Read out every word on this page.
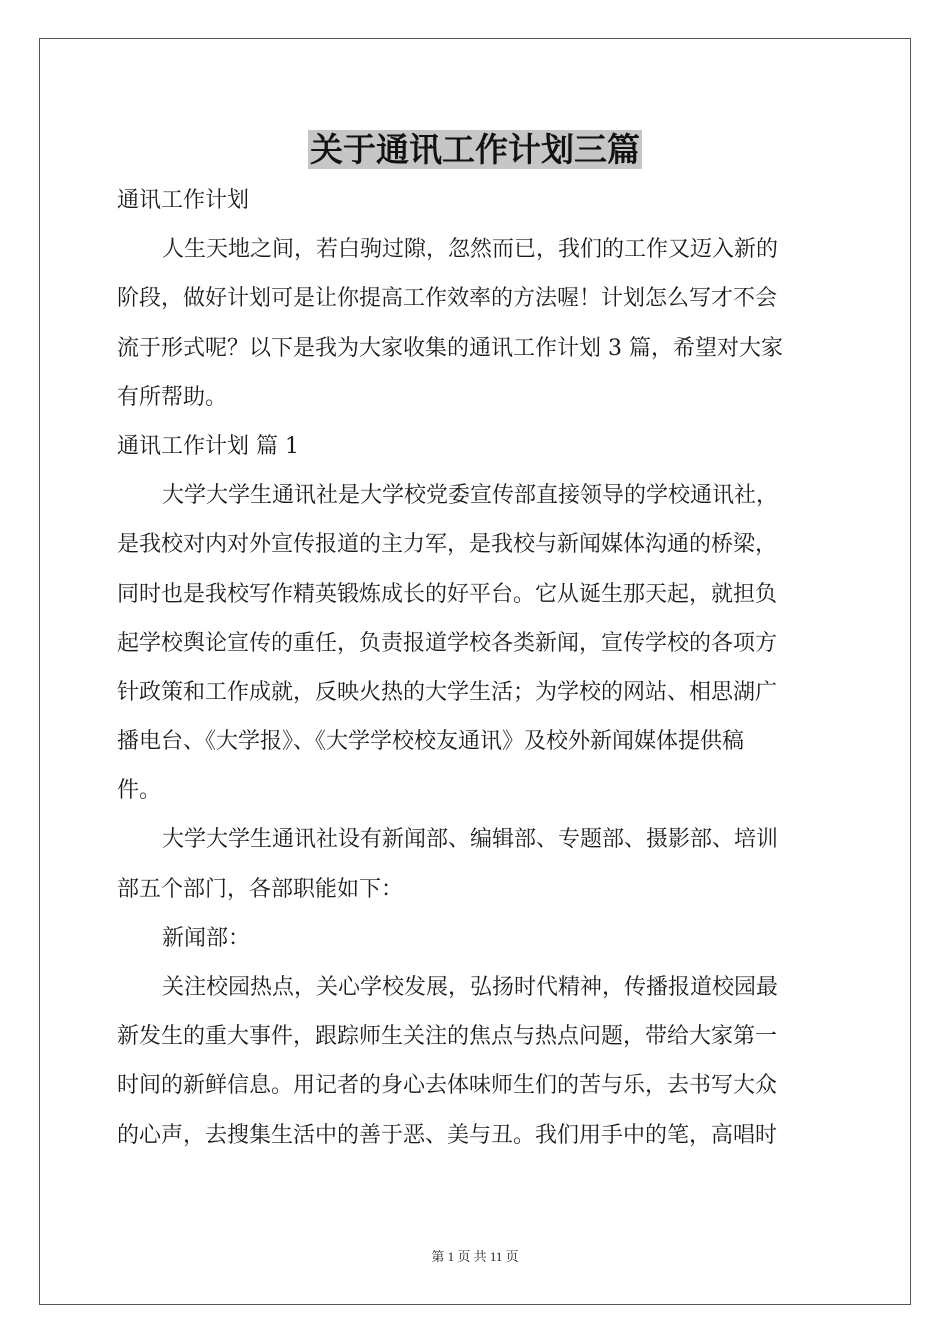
关于通讯工作计划三篇
通讯工作计划
人生天地之间，若白驹过隙，忽然而已，我们的工作又迈入新的
阶段，做好计划可是让你提高工作效率的方法喔！计划怎么写才不会
流于形式呢？以下是我为大家收集的通讯工作计划 3 篇，希望对大家
有所帮助。
通讯工作计划 篇 1
大学大学生通讯社是大学校党委宣传部直接领导的学校通讯社，
是我校对内对外宣传报道的主力军，是我校与新闻媒体沟通的桥梁，
同时也是我校写作精英锻炼成长的好平台。它从诞生那天起，就担负
起学校舆论宣传的重任，负责报道学校各类新闻，宣传学校的各项方
针政策和工作成就，反映火热的大学生活；为学校的网站、相思湖广
播电台、《大学报》、《大学学校校友通讯》及校外新闻媒体提供稿
件。
大学大学生通讯社设有新闻部、编辑部、专题部、摄影部、培训
部五个部门，各部职能如下：
新闻部：
关注校园热点，关心学校发展，弘扬时代精神，传播报道校园最
新发生的重大事件，跟踪师生关注的焦点与热点问题，带给大家第一
时间的新鲜信息。用记者的身心去体味师生们的苦与乐，去书写大众
的心声，去搜集生活中的善于恶、美与丑。我们用手中的笔，高唱时
第 1 页 共 11 页
